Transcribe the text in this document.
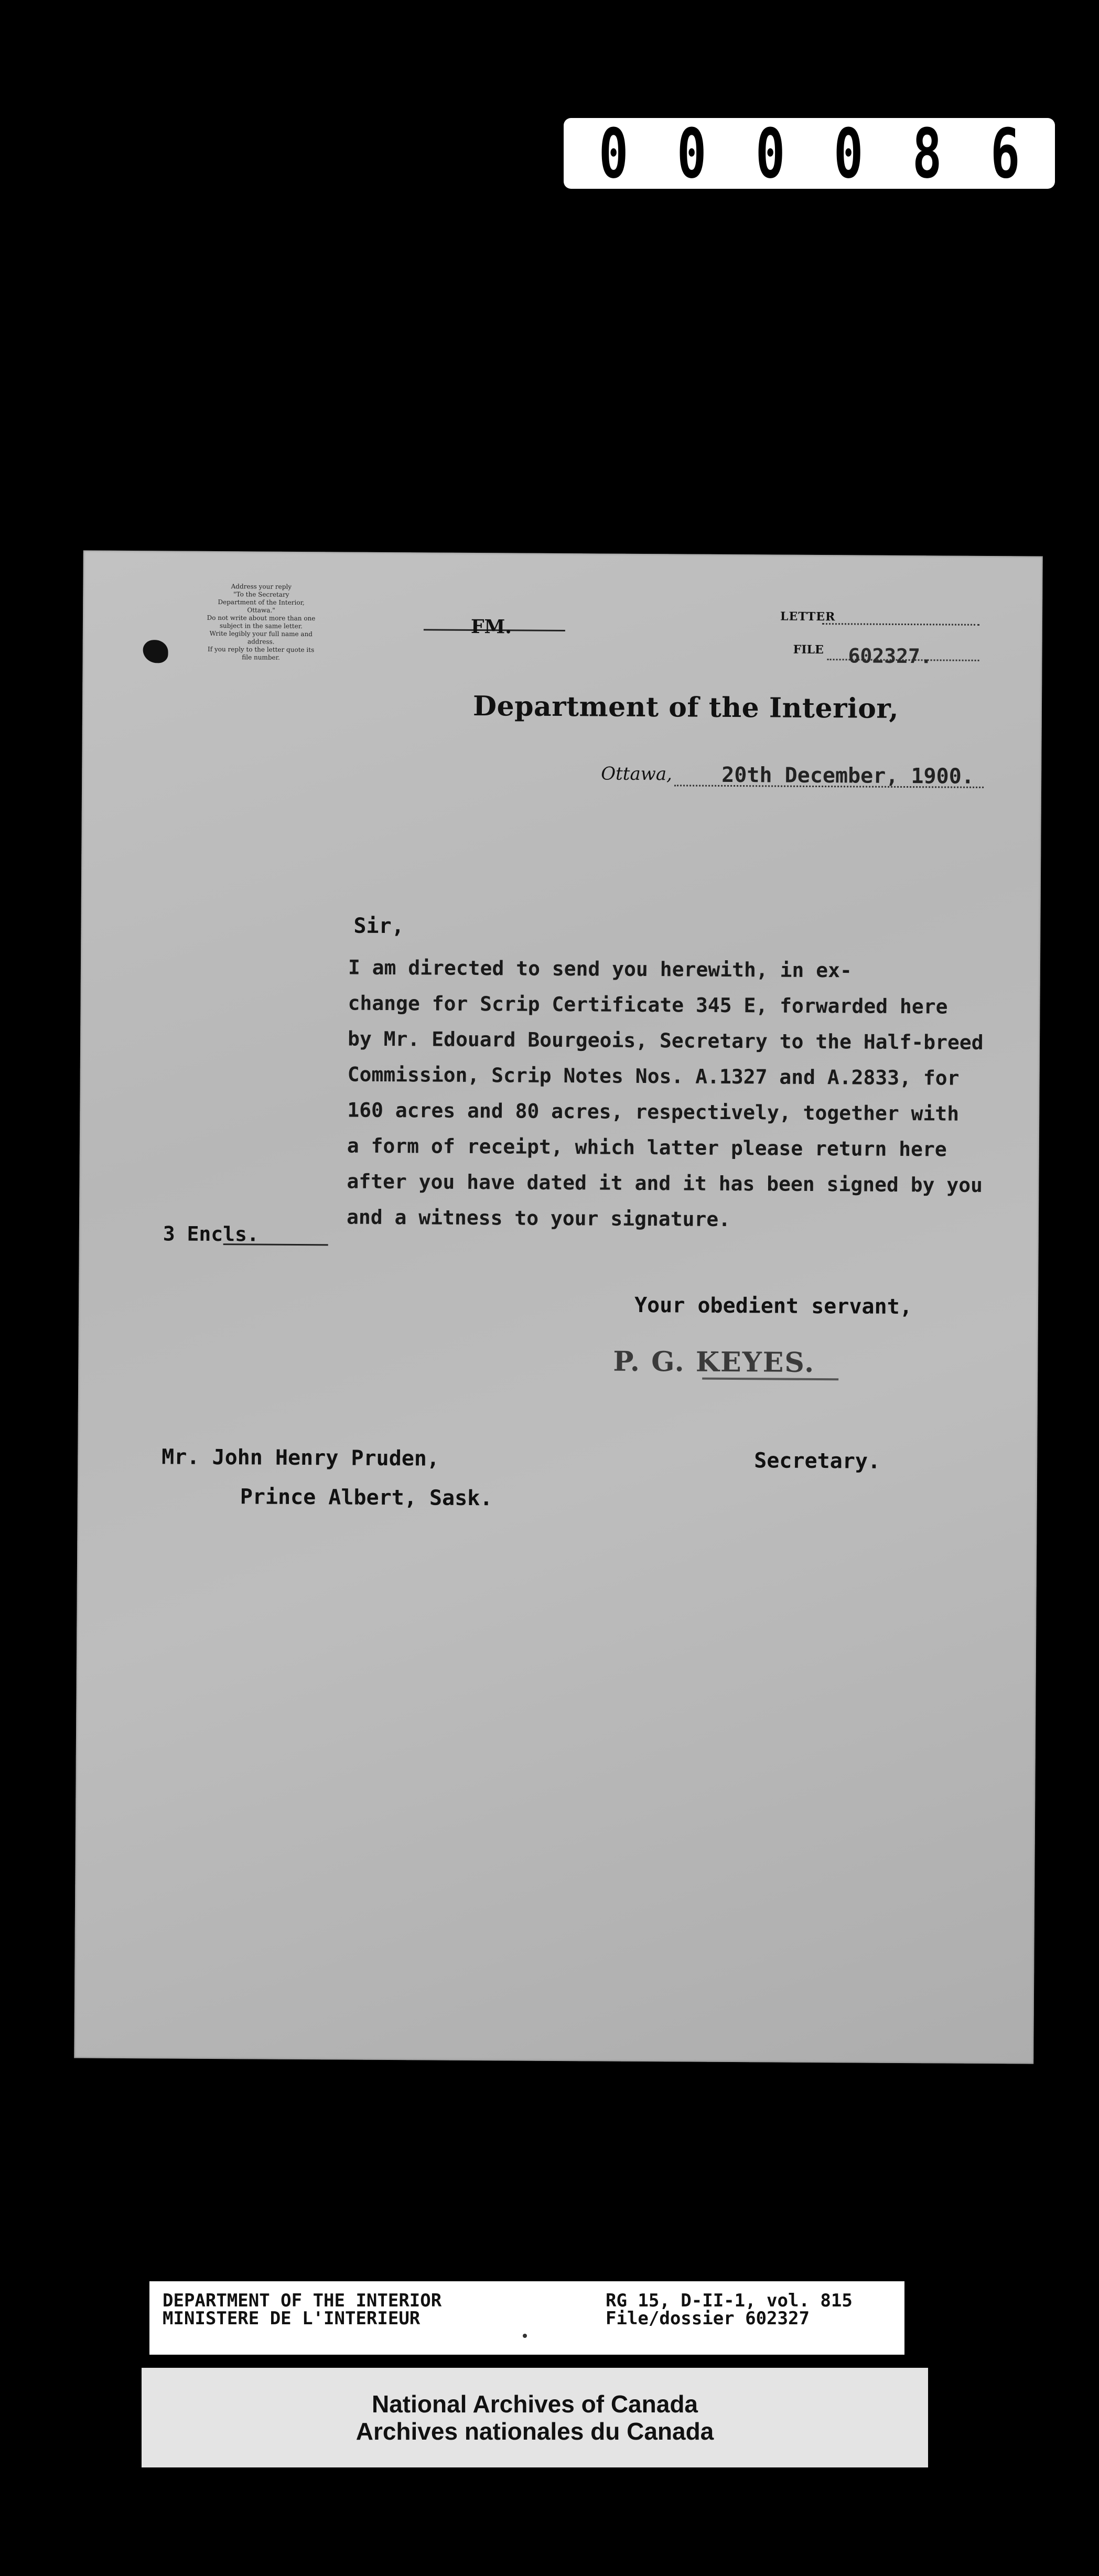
0 0 0 0 8 6
Address your reply
"To the Secretary
Department of the Interior,
Ottawa."
Do not write about more than one
subject in the same letter.
Write legibly your full name and
address.
If you reply to the letter quote its
file number.
FM.	LETTER
FILE 602327.
Department of the Interior,
Ottawa, 20th December, 1900.
Sir,
I am directed to send you herewith, in ex-
change for Scrip Certificate 345 E, forwarded here
by Mr. Edouard Bourgeois, Secretary to the Half-breed
Commission, Scrip Notes Nos. A.1327 and A.2833, for
160 acres and 80 acres, respectively, together with
a form of receipt, which latter please return here
after you have dated it and it has been signed by you
and a witness to your signature.
3 Encls.
Your obedient servant,
P. G. KEYES.
Secretary.
Mr. John Henry Pruden,
Prince Albert, Sask.
DEPARTMENT OF THE INTERIOR
MINISTERE DE L'INTERIEUR
RG 15, D-II-1, vol. 815
File/dossier 602327
National Archives of Canada
Archives nationales du Canada
